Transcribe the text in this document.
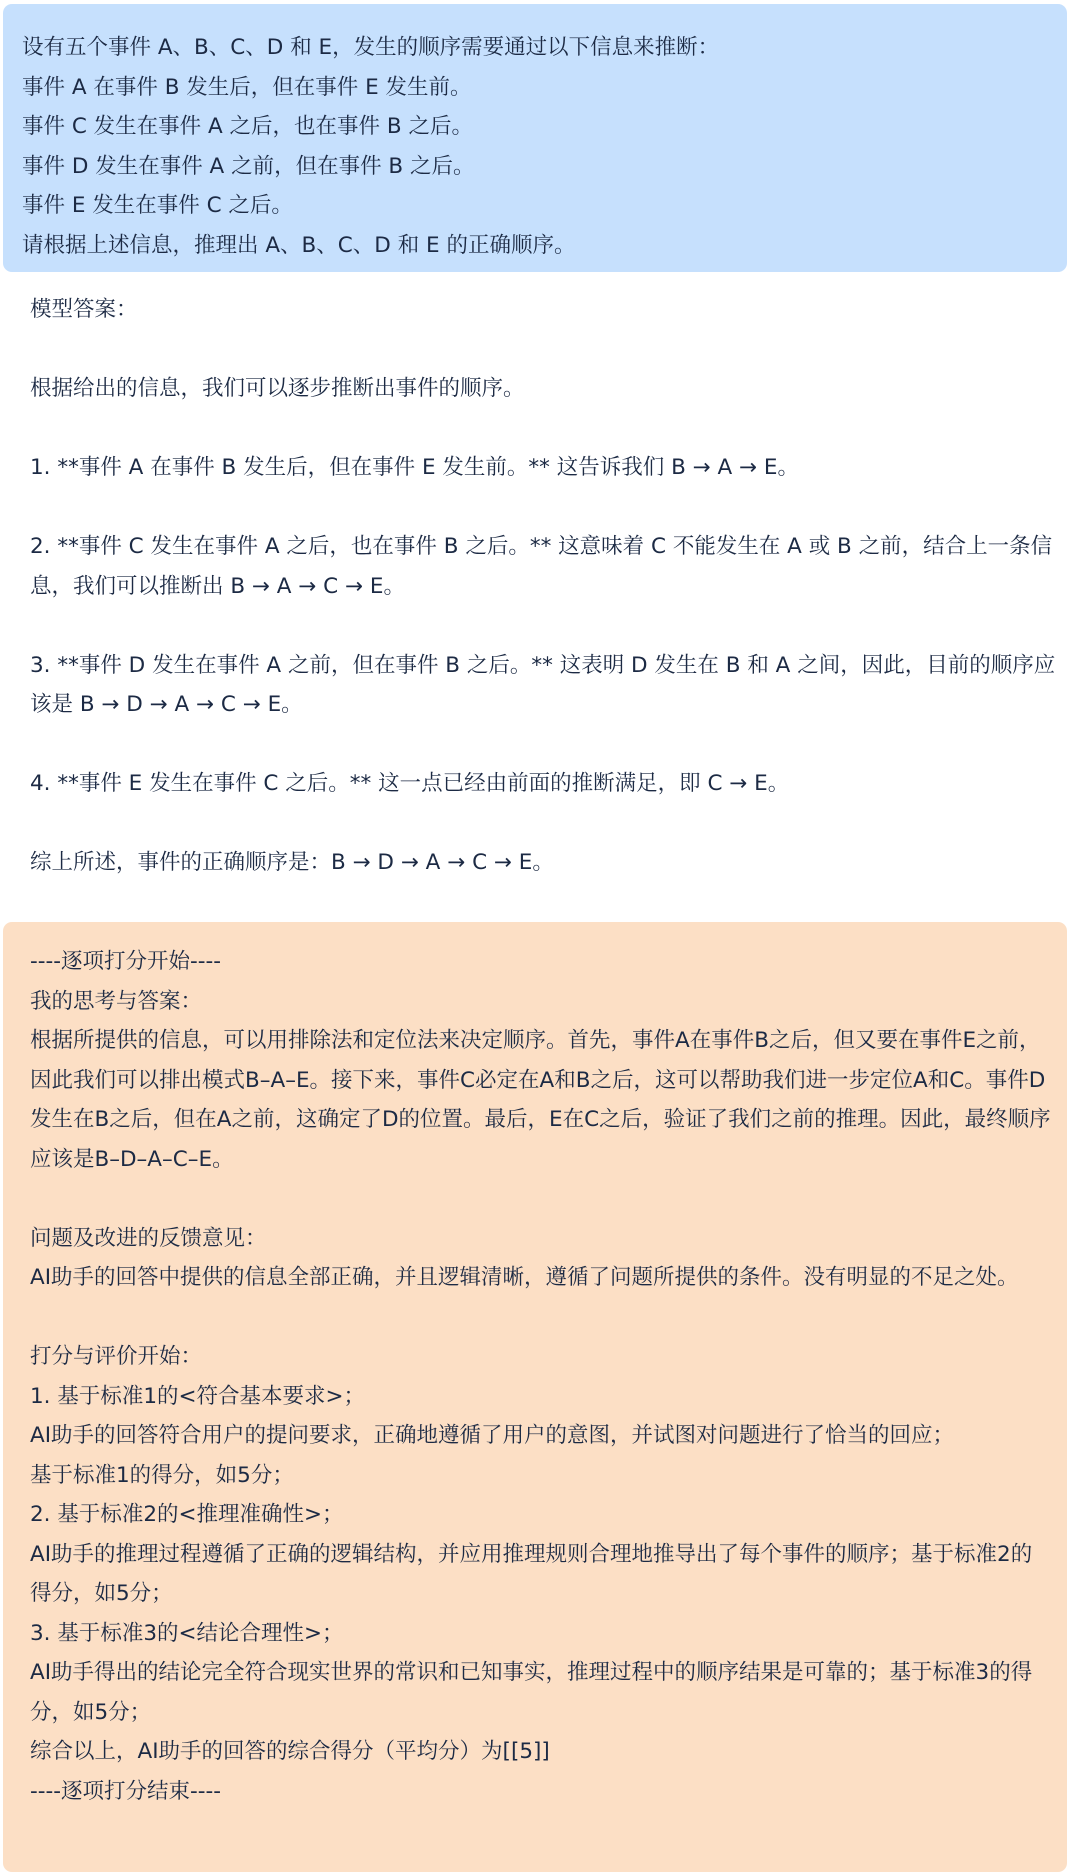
设有五个事件 A、B、C、D 和 E，发生的顺序需要通过以下信息来推断：
事件 A 在事件 B 发生后，但在事件 E 发生前。
事件 C 发生在事件 A 之后，也在事件 B 之后。
事件 D 发生在事件 A 之前，但在事件 B 之后。
事件 E 发生在事件 C 之后。
请根据上述信息，推理出 A、B、C、D 和 E 的正确顺序。
模型答案：
根据给出的信息，我们可以逐步推断出事件的顺序。
1. **事件 A 在事件 B 发生后，但在事件 E 发生前。** 这告诉我们 B → A → E。
2. **事件 C 发生在事件 A 之后，也在事件 B 之后。** 这意味着 C 不能发生在 A 或 B 之前，结合上一条信息，我们可以推断出 B → A → C → E。
3. **事件 D 发生在事件 A 之前，但在事件 B 之后。** 这表明 D 发生在 B 和 A 之间，因此，目前的顺序应该是 B → D → A → C → E。
4. **事件 E 发生在事件 C 之后。** 这一点已经由前面的推断满足，即 C → E。
综上所述，事件的正确顺序是：B → D → A → C → E。
----逐项打分开始----
我的思考与答案：
根据所提供的信息，可以用排除法和定位法来决定顺序。首先，事件A在事件B之后，但又要在事件E之前，因此我们可以排出模式B–A–E。接下来，事件C必定在A和B之后，这可以帮助我们进一步定位A和C。事件D发生在B之后，但在A之前，这确定了D的位置。最后，E在C之后，验证了我们之前的推理。因此，最终顺序应该是B–D–A–C–E。
问题及改进的反馈意见：
AI助手的回答中提供的信息全部正确，并且逻辑清晰，遵循了问题所提供的条件。没有明显的不足之处。
打分与评价开始：
1. 基于标准1的<符合基本要求>；
AI助手的回答符合用户的提问要求，正确地遵循了用户的意图，并试图对问题进行了恰当的回应；
基于标准1的得分，如5分；
2. 基于标准2的<推理准确性>；
AI助手的推理过程遵循了正确的逻辑结构，并应用推理规则合理地推导出了每个事件的顺序；基于标准2的得分，如5分；
3. 基于标准3的<结论合理性>；
AI助手得出的结论完全符合现实世界的常识和已知事实，推理过程中的顺序结果是可靠的；基于标准3的得分，如5分；
综合以上，AI助手的回答的综合得分（平均分）为[[5]]
----逐项打分结束----
